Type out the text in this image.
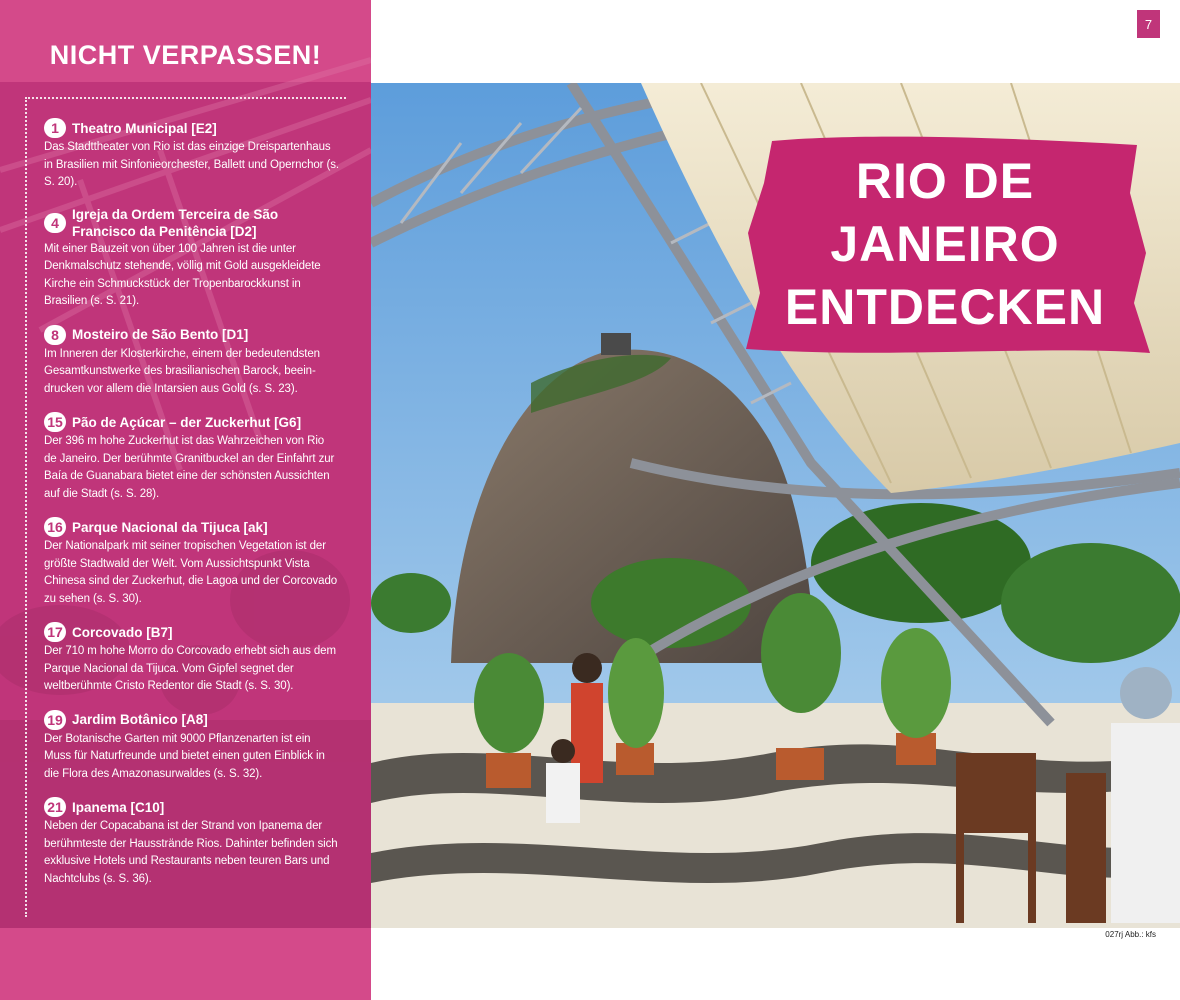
NICHT VERPASSEN!
1 Theatro Municipal [E2]
Das Stadttheater von Rio ist das einzige Dreispartenhaus in Brasilien mit Sinfonieorchester, Ballett und Opernchor (s. S. 20).
4
Igreja da Ordem Terceira de São Francisco da Penitência [D2]
Mit einer Bauzeit von über 100 Jahren ist die unter Denkmalschutz stehende, völlig mit Gold ausgekleidete Kirche ein Schmuckstück der Tropenbarockkunst in Brasilien (s. S. 21).
8 Mosteiro de São Bento [D1]
Im Inneren der Klosterkirche, einem der bedeutendsten Gesamtkunstwerke des brasilianischen Barock, beeindrucken vor allem die Intarsien aus Gold (s. S. 23).
15 Pão de Açúcar – der Zuckerhut [G6]
Der 396 m hohe Zuckerhut ist das Wahrzeichen von Rio de Janeiro. Der berühmte Granitbuckel an der Einfahrt zur Baía de Guanabara bietet eine der schönsten Aussichten auf die Stadt (s. S. 28).
16 Parque Nacional da Tijuca [ak]
Der Nationalpark mit seiner tropischen Vegetation ist der größte Stadtwald der Welt. Vom Aussichtspunkt Vista Chinesa sind der Zuckerhut, die Lagoa und der Corcovado zu sehen (s. S. 30).
17 Corcovado [B7]
Der 710 m hohe Morro do Corcovado erhebt sich aus dem Parque Nacional da Tijuca. Vom Gipfel segnet der weltberühmte Cristo Redentor die Stadt (s. S. 30).
19 Jardim Botânico [A8]
Der Botanische Garten mit 9000 Pflanzenarten ist ein Muss für Naturfreunde und bietet einen guten Einblick in die Flora des Amazonasurwaldes (s. S. 32).
21 Ipanema [C10]
Neben der Copacabana ist der Strand von Ipanema der berühmteste der Hausstrände Rios. Dahinter befinden sich exklusive Hotels und Restaurants neben teuren Bars und Nachtclubs (s. S. 36).
RIO DE
JANEIRO
ENTDECKEN
7
027rj Abb.: kfs
